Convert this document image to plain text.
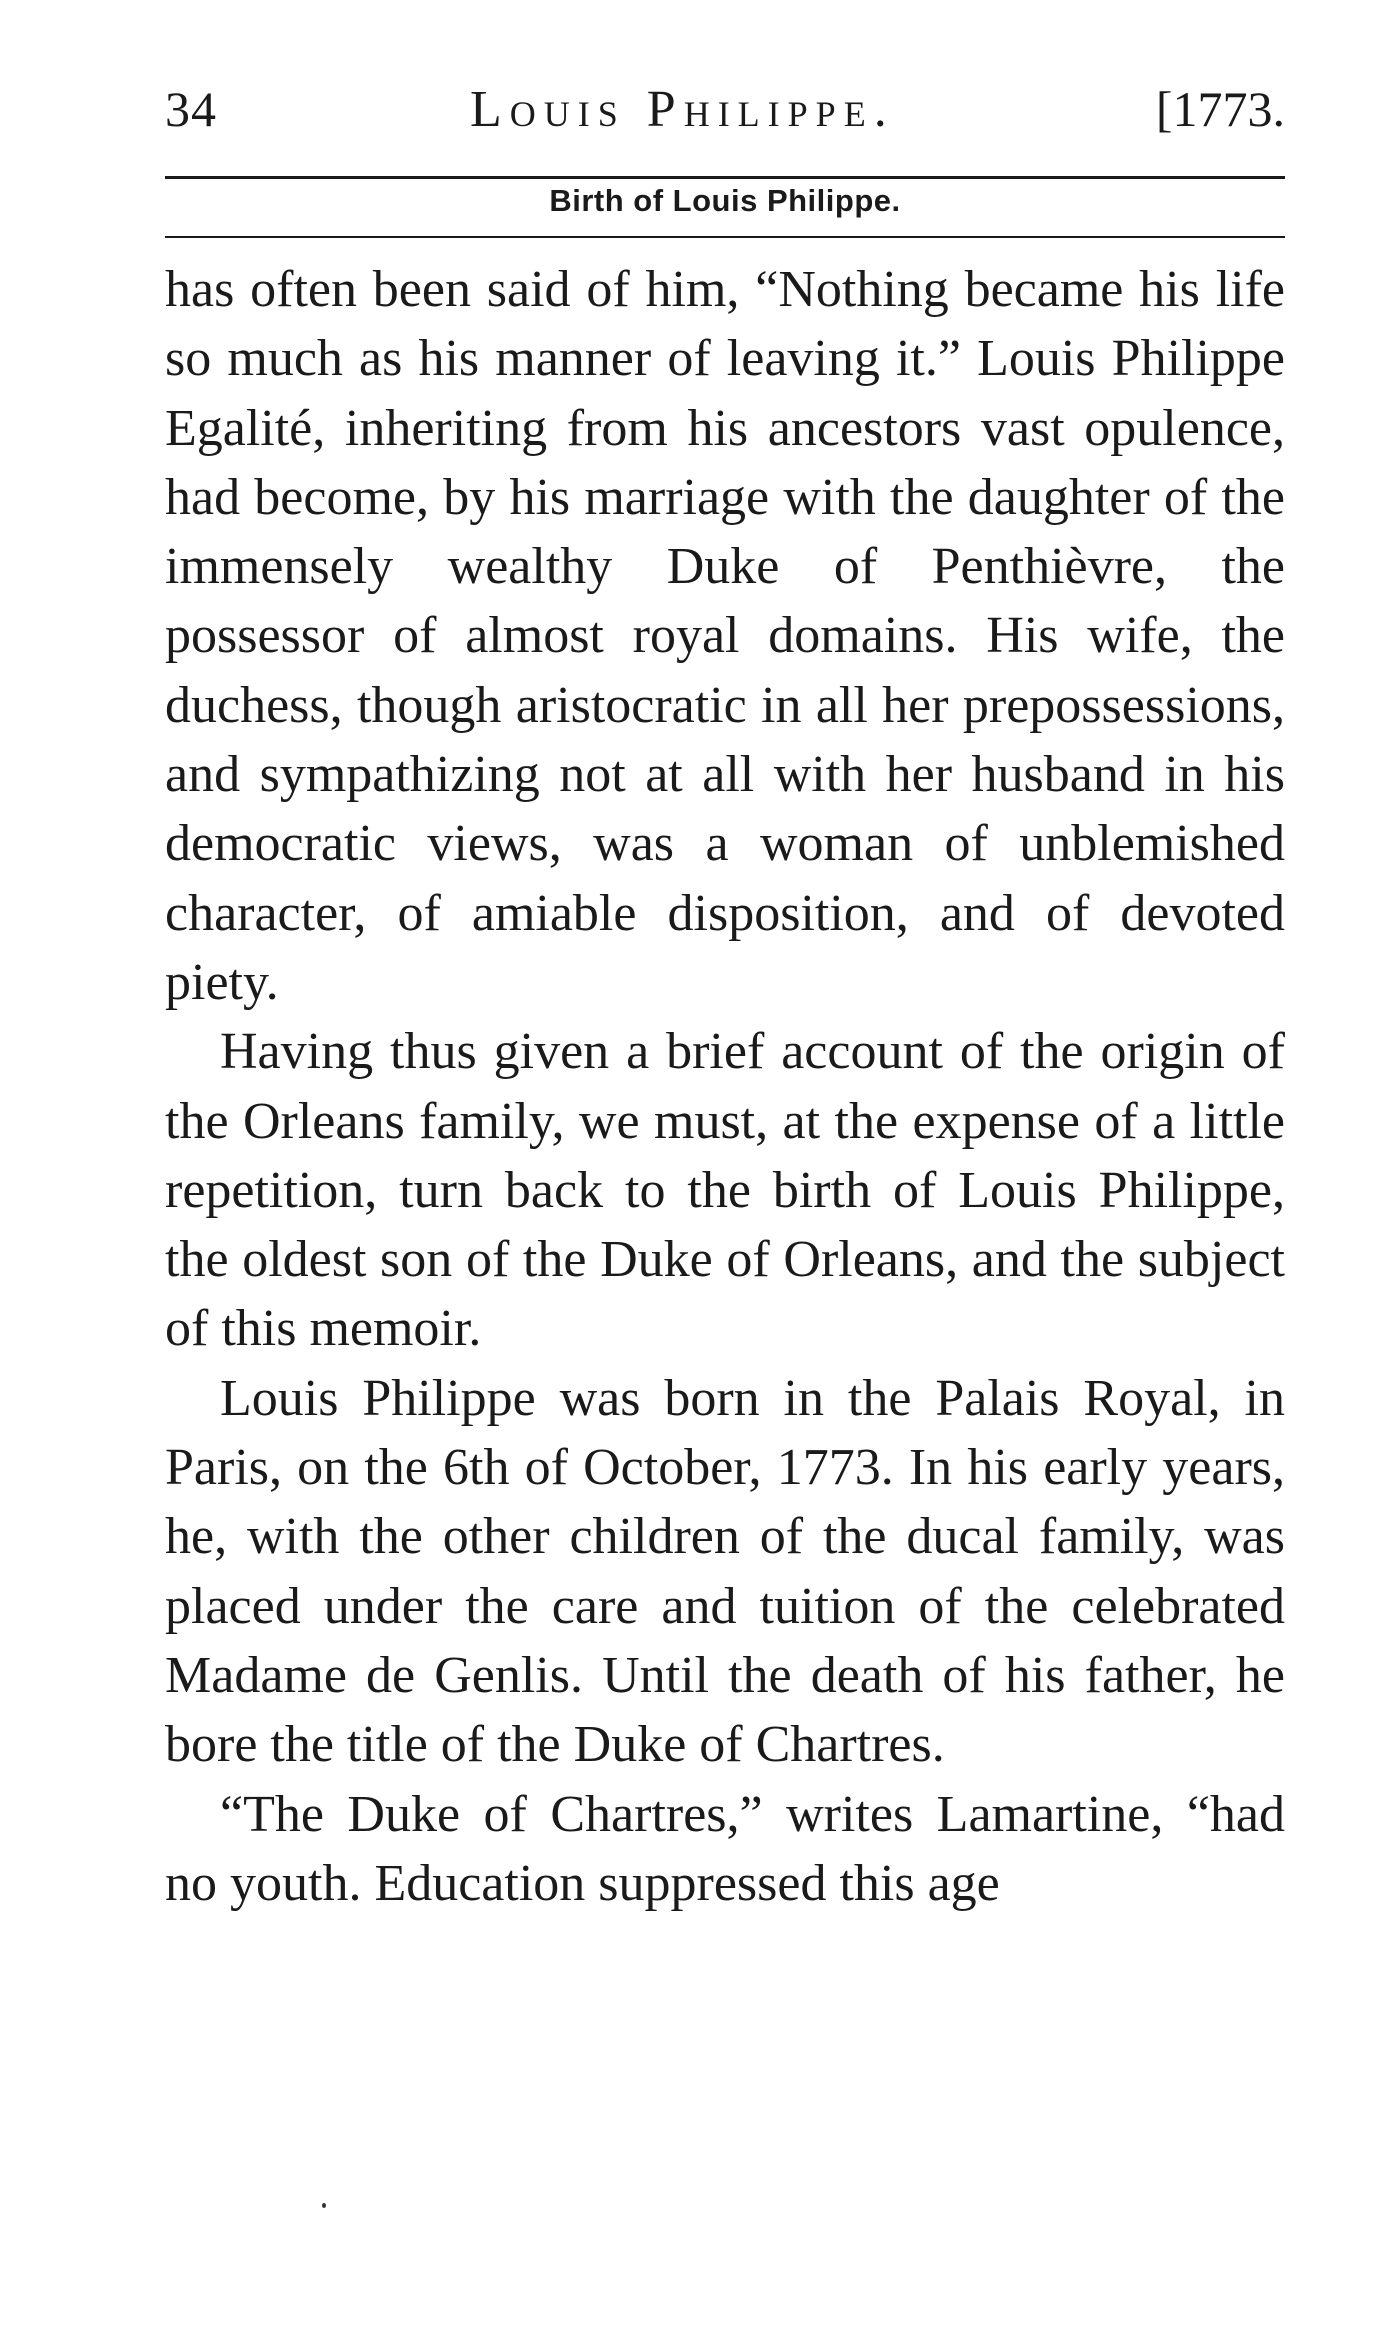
34	Louis Philippe.	[1773.
Birth of Louis Philippe.

has often been said of him, “Nothing became his life so much as his manner of leaving it.” Louis Philippe Egalité, inheriting from his ancestors vast opulence, had become, by his marriage with the daughter of the immensely wealthy Duke of Penthièvre, the possessor of almost royal domains. His wife, the duchess, though aristocratic in all her prepossessions, and sympathizing not at all with her husband in his democratic views, was a woman of unblemished character, of amiable disposition, and of devoted piety.

Having thus given a brief account of the origin of the Orleans family, we must, at the expense of a little repetition, turn back to the birth of Louis Philippe, the oldest son of the Duke of Orleans, and the subject of this memoir.

Louis Philippe was born in the Palais Royal, in Paris, on the 6th of October, 1773. In his early years, he, with the other children of the ducal family, was placed under the care and tuition of the celebrated Madame de Genlis. Until the death of his father, he bore the title of the Duke of Chartres.

“The Duke of Chartres,” writes Lamartine, “had no youth. Education suppressed this age
